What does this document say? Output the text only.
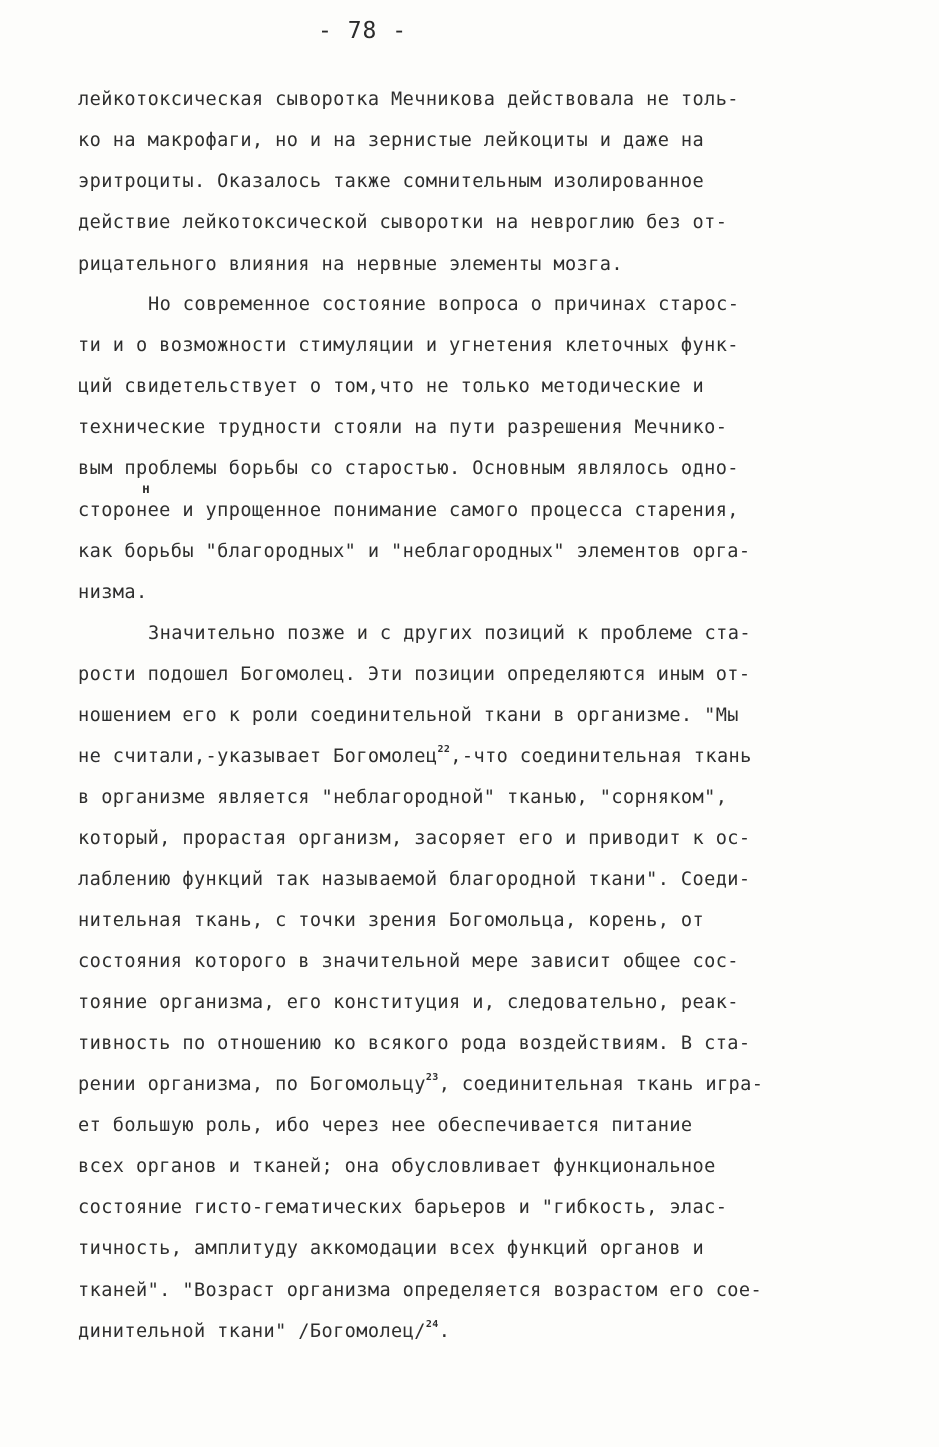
- 78 -
лейкотоксическая сыворотка Мечникова действовала не толь-
ко на макрофаги, но и на зернистые лейкоциты и даже на
эритроциты. Оказалось также сомнительным изолированное
действие лейкотоксической сыворотки на невроглию без от-
рицательного влияния на нервные элементы мозга.
Но современное состояние вопроса о причинах старос-
ти и о возможности стимуляции и угнетения клеточных функ-
ций свидетельствует о том,что не только методические и
технические трудности стояли на пути разрешения Мечнико-
вым проблемы борьбы со старостью. Основным являлось одно-
н
сторонее и упрощенное понимание самого процесса старения,
как борьбы "благородных" и "неблагородных" элементов орга-
низма.
Значительно позже и с других позиций к проблеме ста-
рости подошел Богомолец. Эти позиции определяются иным от-
ношением его к роли соединительной ткани в организме. "Мы
не считали,-указывает Богомолец$^{22}$,-что соединительная ткань
в организме является "неблагородной" тканью, "сорняком",
который, прорастая организм, засоряет его и приводит к ос-
лаблению функций так называемой благородной ткани". Соеди-
нительная ткань, с точки зрения Богомольца, корень, от
состояния которого в значительной мере зависит общее сос-
тояние организма, его конституция и, следовательно, реак-
тивность по отношению ко всякого рода воздействиям. В ста-
рении организма, по Богомольцу$^{23}$, соединительная ткань игра-
ет большую роль, ибо через нее обеспечивается питание
всех органов и тканей; она обусловливает функциональное
состояние гисто-гематических барьеров и "гибкость, элас-
тичность, амплитуду аккомодации всех функций органов и
тканей". "Возраст организма определяется возрастом его сое-
динительной ткани" /Богомолец/$^{24}$.
